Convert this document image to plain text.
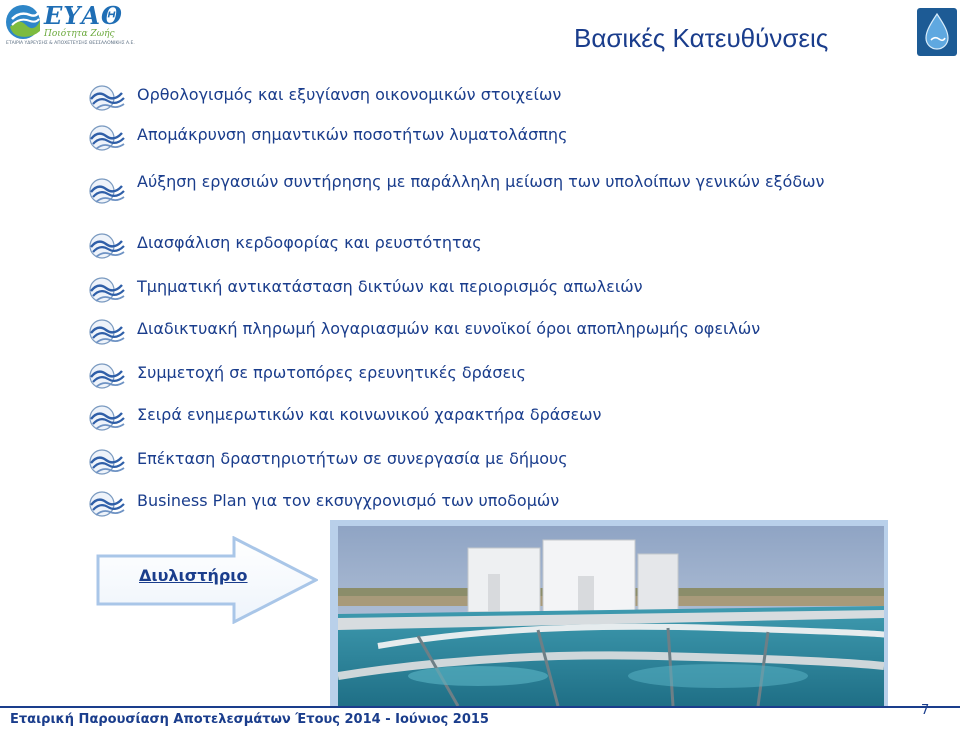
ΕΥΑΘ
Ποιότητα Ζωής
ΕΤΑΙΡΙΑ ΥΔΡΕΥΣΗΣ & ΑΠΟΧΕΤΕΥΣΗΣ ΘΕΣΣΑΛΟΝΙΚΗΣ Α.Ε.	Βασικές Κατευθύνσεις
Ορθολογισμός και εξυγίανση οικονομικών στοιχείων
Απομάκρυνση σημαντικών ποσοτήτων λυματολάσπης
Αύξηση εργασιών συντήρησης με παράλληλη μείωση των υπολοίπων γενικών εξόδων
Διασφάλιση κερδοφορίας και ρευστότητας
Τμηματική αντικατάσταση δικτύων και περιορισμός απωλειών
Διαδικτυακή πληρωμή λογαριασμών και ευνοϊκοί όροι αποπληρωμής οφειλών
Συμμετοχή σε πρωτοπόρες ερευνητικές δράσεις
Σειρά ενημερωτικών και κοινωνικού χαρακτήρα δράσεων
Επέκταση δραστηριοτήτων σε συνεργασία με δήμους
Business Plan για τον εκσυγχρονισμό των υποδομών
Διυλιστήριο
Εταιρική Παρουσίαση Αποτελεσμάτων Έτους 2014 - Ιούνιος 2015
7
